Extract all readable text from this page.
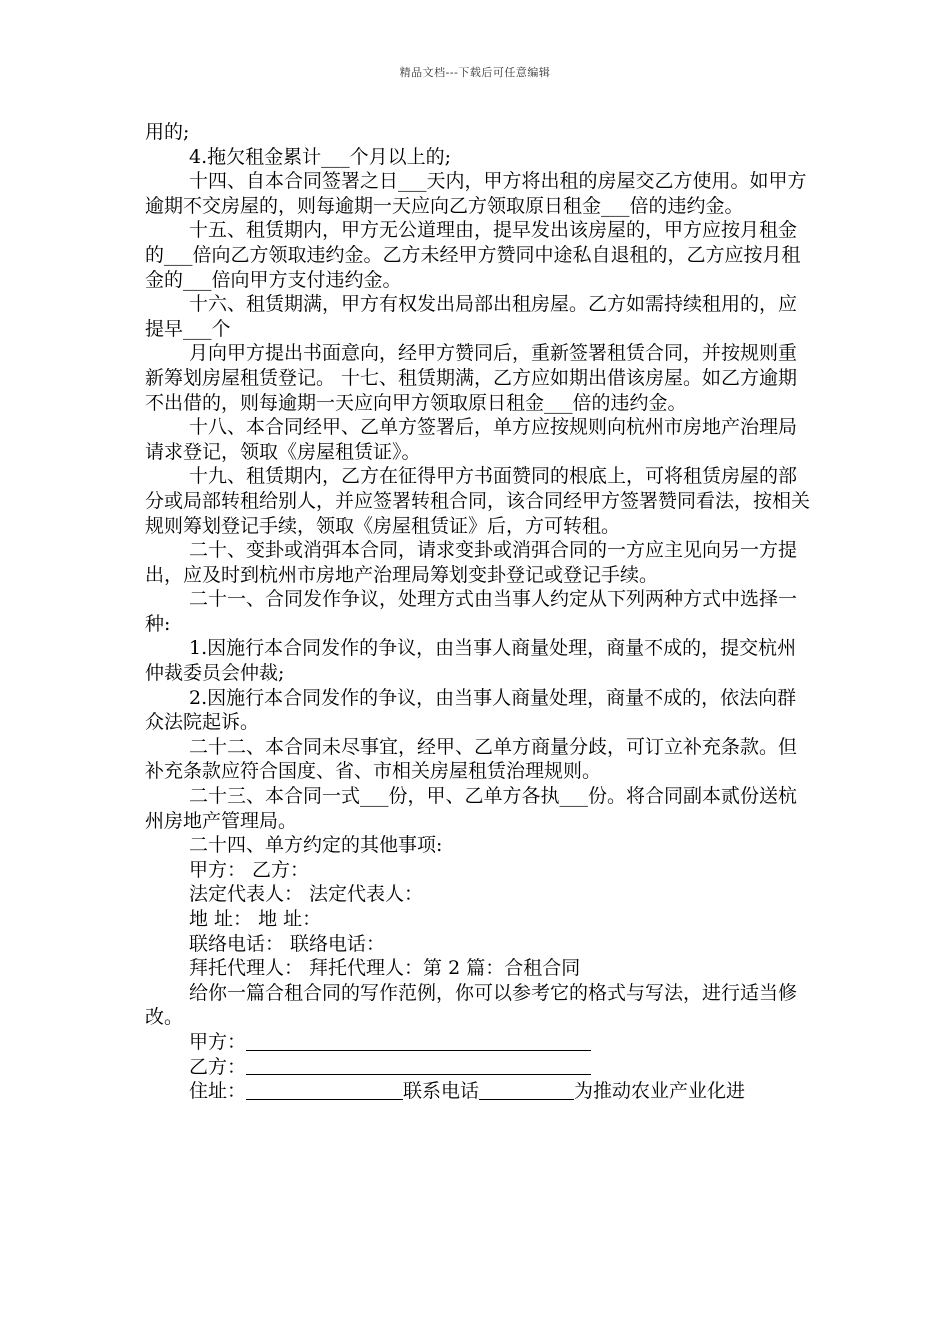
精品文档---下载后可任意编辑

用的;

4.拖欠租金累计___个月以上的;

十四、自本合同签署之日___天内，甲方将出租的房屋交乙方使用。如甲方逾期不交房屋的，则每逾期一天应向乙方领取原日租金___倍的违约金。

十五、租赁期内，甲方无公道理由，提早发出该房屋的，甲方应按月租金的___倍向乙方领取违约金。乙方未经甲方赞同中途私自退租的，乙方应按月租金的___倍向甲方支付违约金。

十六、租赁期满，甲方有权发出局部出租房屋。乙方如需持续租用的，应提早___个

月向甲方提出书面意向，经甲方赞同后，重新签署租赁合同，并按规则重新筹划房屋租赁登记。 十七、租赁期满，乙方应如期出借该房屋。如乙方逾期不出借的，则每逾期一天应向甲方领取原日租金___倍的违约金。

十八、本合同经甲、乙单方签署后，单方应按规则向杭州市房地产治理局请求登记，领取《房屋租赁证》。

十九、租赁期内，乙方在征得甲方书面赞同的根底上，可将租赁房屋的部分或局部转租给别人，并应签署转租合同，该合同经甲方签署赞同看法，按相关规则筹划登记手续，领取《房屋租赁证》后，方可转租。

二十、变卦或消弭本合同，请求变卦或消弭合同的一方应主见向另一方提出，应及时到杭州市房地产治理局筹划变卦登记或登记手续。

二十一、合同发作争议，处理方式由当事人约定从下列两种方式中选择一种:

1.因施行本合同发作的争议，由当事人商量处理，商量不成的，提交杭州仲裁委员会仲裁;

2.因施行本合同发作的争议，由当事人商量处理，商量不成的，依法向群众法院起诉。

二十二、本合同未尽事宜，经甲、乙单方商量分歧，可订立补充条款。但补充条款应符合国度、省、市相关房屋租赁治理规则。

二十三、本合同一式___份，甲、乙单方各执___份。将合同副本贰份送杭州房地产管理局。

二十四、单方约定的其他事项:

甲方： 乙方：

法定代表人： 法定代表人：

地 址： 地 址：

联络电话： 联络电话：

拜托代理人： 拜托代理人：第 2 篇：合租合同

给你一篇合租合同的写作范例，你可以参考它的格式与写法，进行适当修改。

甲方：
乙方：
住址：	联系电话	为推动农业产业化进
